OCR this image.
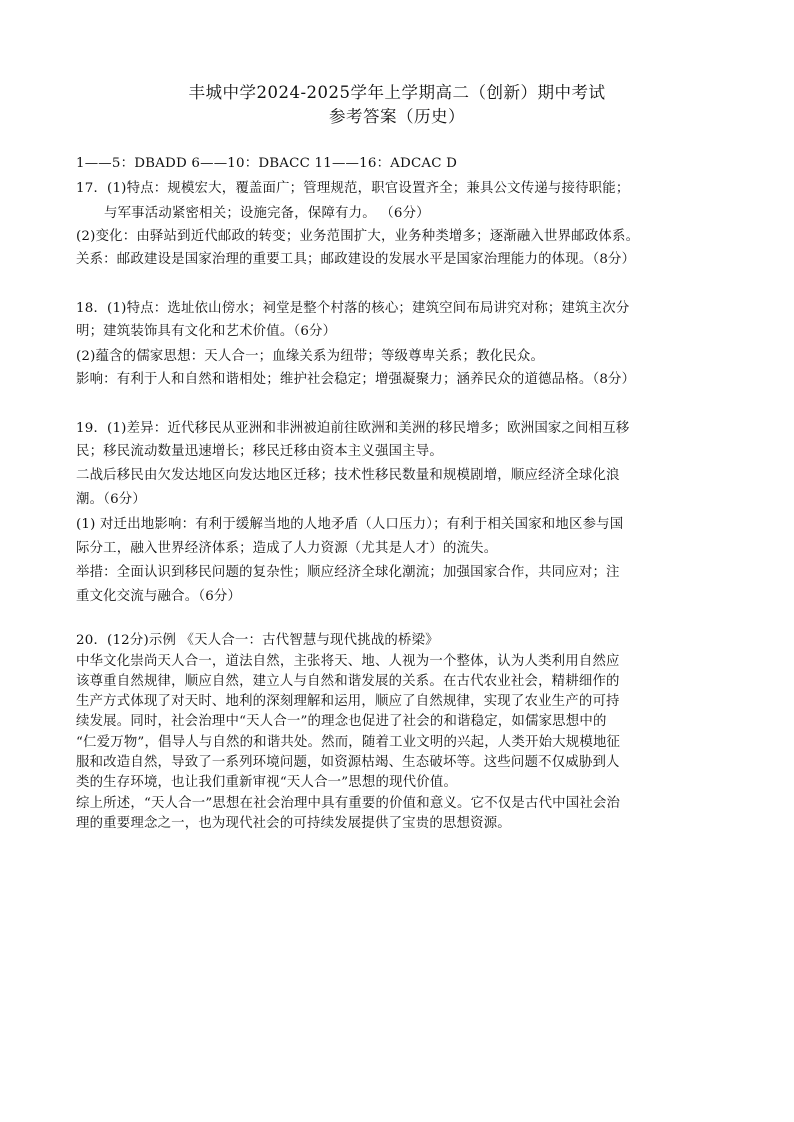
丰城中学2024-2025学年上学期高二（创新）期中考试
参考答案（历史）
1——5：DBADD 6——10：DBACC 11——16：ADCAC D
17．(1)特点：规模宏大，覆盖面广；管理规范，职官设置齐全；兼具公文传递与接待职能；
与军事活动紧密相关；设施完备，保障有力。 （6分）
(2)变化：由驿站到近代邮政的转变；业务范围扩大，业务种类增多；逐渐融入世界邮政体系。
关系：邮政建设是国家治理的重要工具；邮政建设的发展水平是国家治理能力的体现。（8分）
18．(1)特点：选址依山傍水；祠堂是整个村落的核心；建筑空间布局讲究对称；建筑主次分
明；建筑装饰具有文化和艺术价值。（6分）
(2)蕴含的儒家思想：天人合一；血缘关系为纽带；等级尊卑关系；教化民众。
影响：有利于人和自然和谐相处；维护社会稳定；增强凝聚力；涵养民众的道德品格。（8分）
19．(1)差异：近代移民从亚洲和非洲被迫前往欧洲和美洲的移民增多；欧洲国家之间相互移
民；移民流动数量迅速增长；移民迁移由资本主义强国主导。
二战后移民由欠发达地区向发达地区迁移；技术性移民数量和规模剧增，顺应经济全球化浪
潮。（6分）
(1) 对迁出地影响：有利于缓解当地的人地矛盾（人口压力）；有利于相关国家和地区参与国
际分工，融入世界经济体系；造成了人力资源（尤其是人才）的流失。
举措：全面认识到移民问题的复杂性；顺应经济全球化潮流；加强国家合作，共同应对；注
重文化交流与融合。（6分）
20．(12分)示例 《天人合一：古代智慧与现代挑战的桥梁》
中华文化崇尚天人合一，道法自然，主张将天、地、人视为一个整体，认为人类利用自然应
该尊重自然规律，顺应自然，建立人与自然和谐发展的关系。在古代农业社会，精耕细作的
生产方式体现了对天时、地利的深刻理解和运用，顺应了自然规律，实现了农业生产的可持
续发展。同时，社会治理中“天人合一”的理念也促进了社会的和谐稳定，如儒家思想中的
“仁爱万物”，倡导人与自然的和谐共处。然而，随着工业文明的兴起，人类开始大规模地征
服和改造自然，导致了一系列环境问题，如资源枯竭、生态破坏等。这些问题不仅威胁到人
类的生存环境，也让我们重新审视“天人合一”思想的现代价值。
综上所述，“天人合一”思想在社会治理中具有重要的价值和意义。它不仅是古代中国社会治
理的重要理念之一，也为现代社会的可持续发展提供了宝贵的思想资源。
